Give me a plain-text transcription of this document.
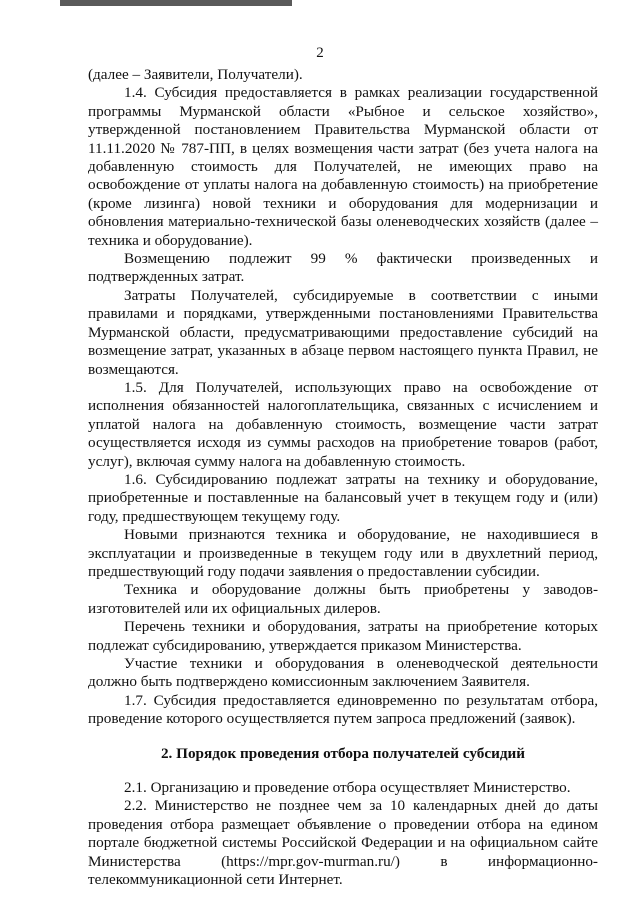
2

(далее – Заявители, Получатели).

1.4. Субсидия предоставляется в рамках реализации государственной программы Мурманской области «Рыбное и сельское хозяйство», утвержденной постановлением Правительства Мурманской области от 11.11.2020 № 787-ПП, в целях возмещения части затрат (без учета налога на добавленную стоимость для Получателей, не имеющих право на освобождение от уплаты налога на добавленную стоимость) на приобретение (кроме лизинга) новой техники и оборудования для модернизации и обновления материально-технической базы оленеводческих хозяйств (далее – техника и оборудование).

Возмещению подлежит 99 % фактически произведенных и подтвержденных затрат.

Затраты Получателей, субсидируемые в соответствии с иными правилами и порядками, утвержденными постановлениями Правительства Мурманской области, предусматривающими предоставление субсидий на возмещение затрат, указанных в абзаце первом настоящего пункта Правил, не возмещаются.

1.5. Для Получателей, использующих право на освобождение от исполнения обязанностей налогоплательщика, связанных с исчислением и уплатой налога на добавленную стоимость, возмещение части затрат осуществляется исходя из суммы расходов на приобретение товаров (работ, услуг), включая сумму налога на добавленную стоимость.

1.6. Субсидированию подлежат затраты на технику и оборудование, приобретенные и поставленные на балансовый учет в текущем году и (или) году, предшествующем текущему году.

Новыми признаются техника и оборудование, не находившиеся в эксплуатации и произведенные в текущем году или в двухлетний период, предшествующий году подачи заявления о предоставлении субсидии.

Техника и оборудование должны быть приобретены у заводов-изготовителей или их официальных дилеров.

Перечень техники и оборудования, затраты на приобретение которых подлежат субсидированию, утверждается приказом Министерства.

Участие техники и оборудования в оленеводческой деятельности должно быть подтверждено комиссионным заключением Заявителя.

1.7. Субсидия предоставляется единовременно по результатам отбора, проведение которого осуществляется путем запроса предложений (заявок).

2. Порядок проведения отбора получателей субсидий

2.1. Организацию и проведение отбора осуществляет Министерство.

2.2. Министерство не позднее чем за 10 календарных дней до даты проведения отбора размещает объявление о проведении отбора на едином портале бюджетной системы Российской Федерации и на официальном сайте Министерства (https://mpr.gov-murman.ru/) в информационно-телекоммуникационной сети Интернет.
